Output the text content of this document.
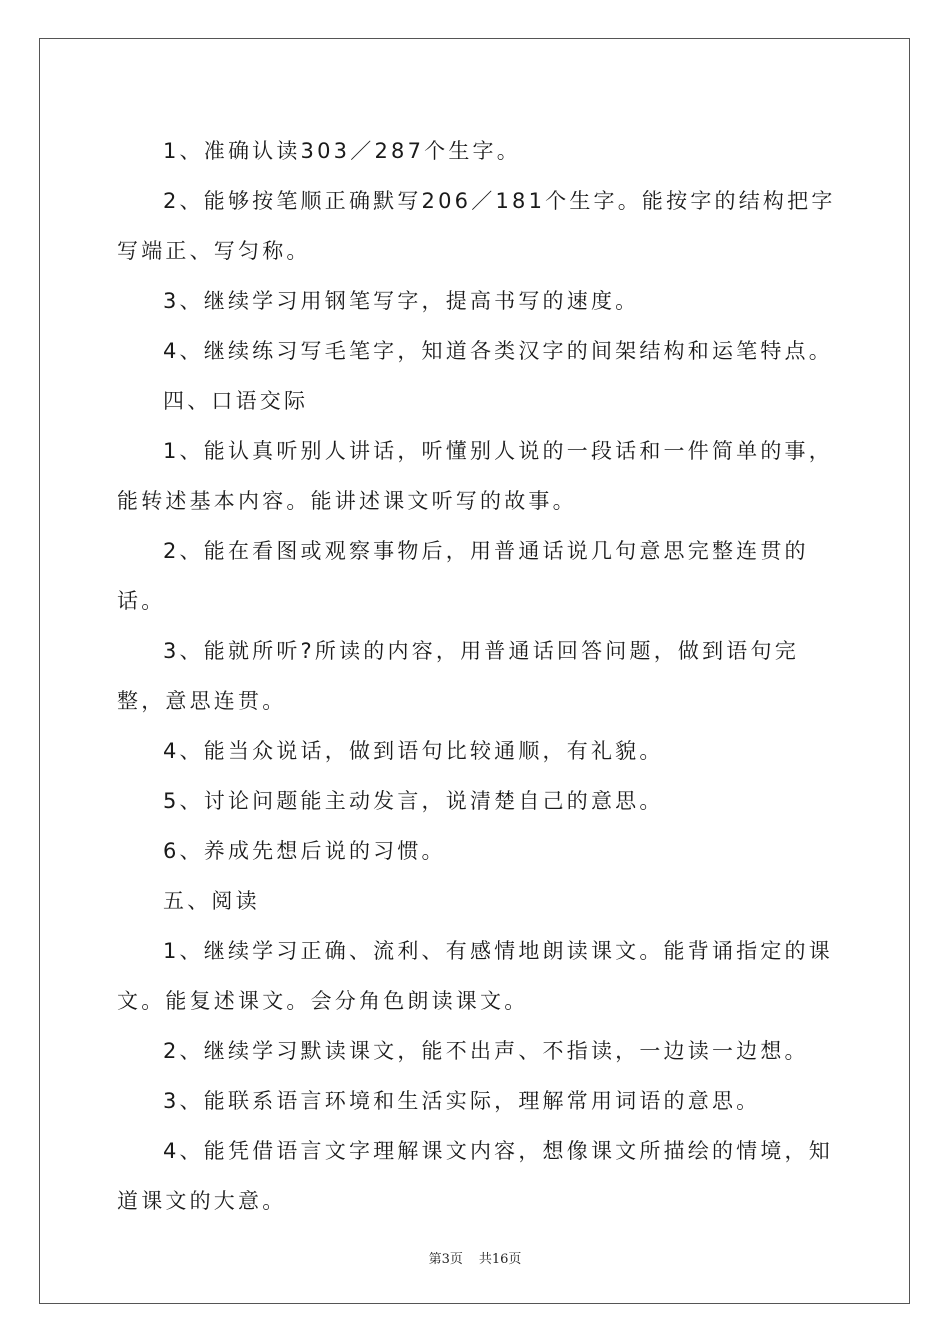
1、准确认读303／287个生字。

2、能够按笔顺正确默写206／181个生字。能按字的结构把字写端正、写匀称。

3、继续学习用钢笔写字，提高书写的速度。

4、继续练习写毛笔字，知道各类汉字的间架结构和运笔特点。

四、口语交际

1、能认真听别人讲话，听懂别人说的一段话和一件简单的事，能转述基本内容。能讲述课文听写的故事。

2、能在看图或观察事物后，用普通话说几句意思完整连贯的话。

3、能就所听?所读的内容，用普通话回答问题，做到语句完整，意思连贯。

4、能当众说话，做到语句比较通顺，有礼貌。

5、讨论问题能主动发言，说清楚自己的意思。

6、养成先想后说的习惯。

五、阅读

1、继续学习正确、流利、有感情地朗读课文。能背诵指定的课文。能复述课文。会分角色朗读课文。

2、继续学习默读课文，能不出声、不指读，一边读一边想。

3、能联系语言环境和生活实际，理解常用词语的意思。

4、能凭借语言文字理解课文内容，想像课文所描绘的情境，知道课文的大意。

第3页 共16页
